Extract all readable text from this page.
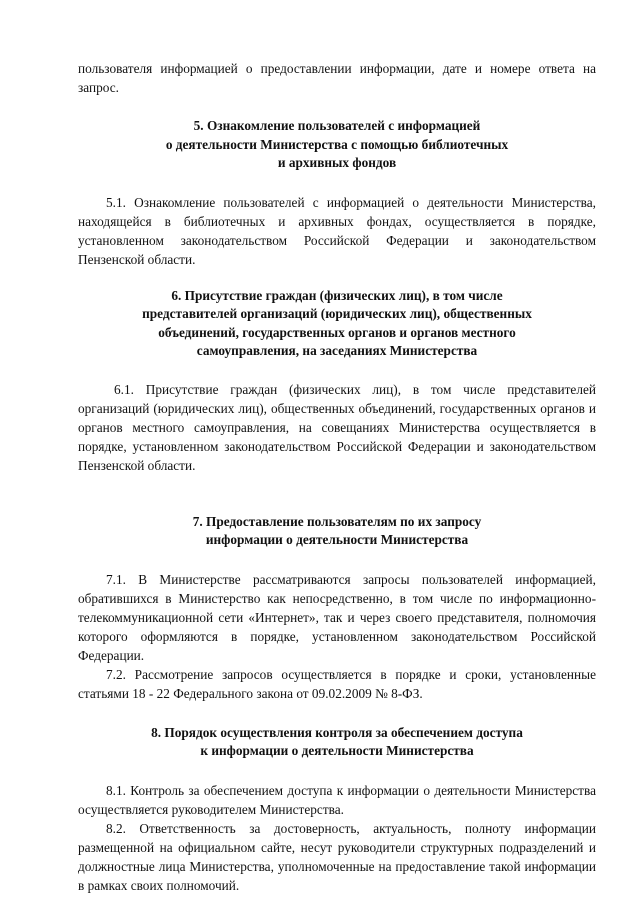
пользователя информацией о предоставлении информации, дате и номере ответа на запрос.

5. Ознакомление пользователей с информацией
о деятельности Министерства с помощью библиотечных
и архивных фондов

5.1. Ознакомление пользователей с информацией о деятельности Министерства, находящейся в библиотечных и архивных фондах, осуществляется в порядке, установленном законодательством Российской Федерации и законодательством Пензенской области.

6. Присутствие граждан (физических лиц), в том числе
представителей организаций (юридических лиц), общественных
объединений, государственных органов и органов местного
самоуправления, на заседаниях Министерства

6.1. Присутствие граждан (физических лиц), в том числе представителей организаций (юридических лиц), общественных объединений, государственных органов и органов местного самоуправления, на совещаниях Министерства осуществляется в порядке, установленном законодательством Российской Федерации и законодательством Пензенской области.

7. Предоставление пользователям по их запросу
информации о деятельности Министерства

7.1. В Министерстве рассматриваются запросы пользователей информацией, обратившихся в Министерство как непосредственно, в том числе по информационно-телекоммуникационной сети «Интернет», так и через своего представителя, полномочия которого оформляются в порядке, установленном законодательством Российской Федерации.

7.2. Рассмотрение запросов осуществляется в порядке и сроки, установленные статьями 18 - 22 Федерального закона от 09.02.2009 № 8-ФЗ.

8. Порядок осуществления контроля за обеспечением доступа
к информации о деятельности Министерства

8.1. Контроль за обеспечением доступа к информации о деятельности Министерства осуществляется руководителем Министерства.

8.2. Ответственность за достоверность, актуальность, полноту информации размещенной на официальном сайте, несут руководители структурных подразделений и должностные лица Министерства, уполномоченные на предоставление такой информации в рамках своих полномочий.
